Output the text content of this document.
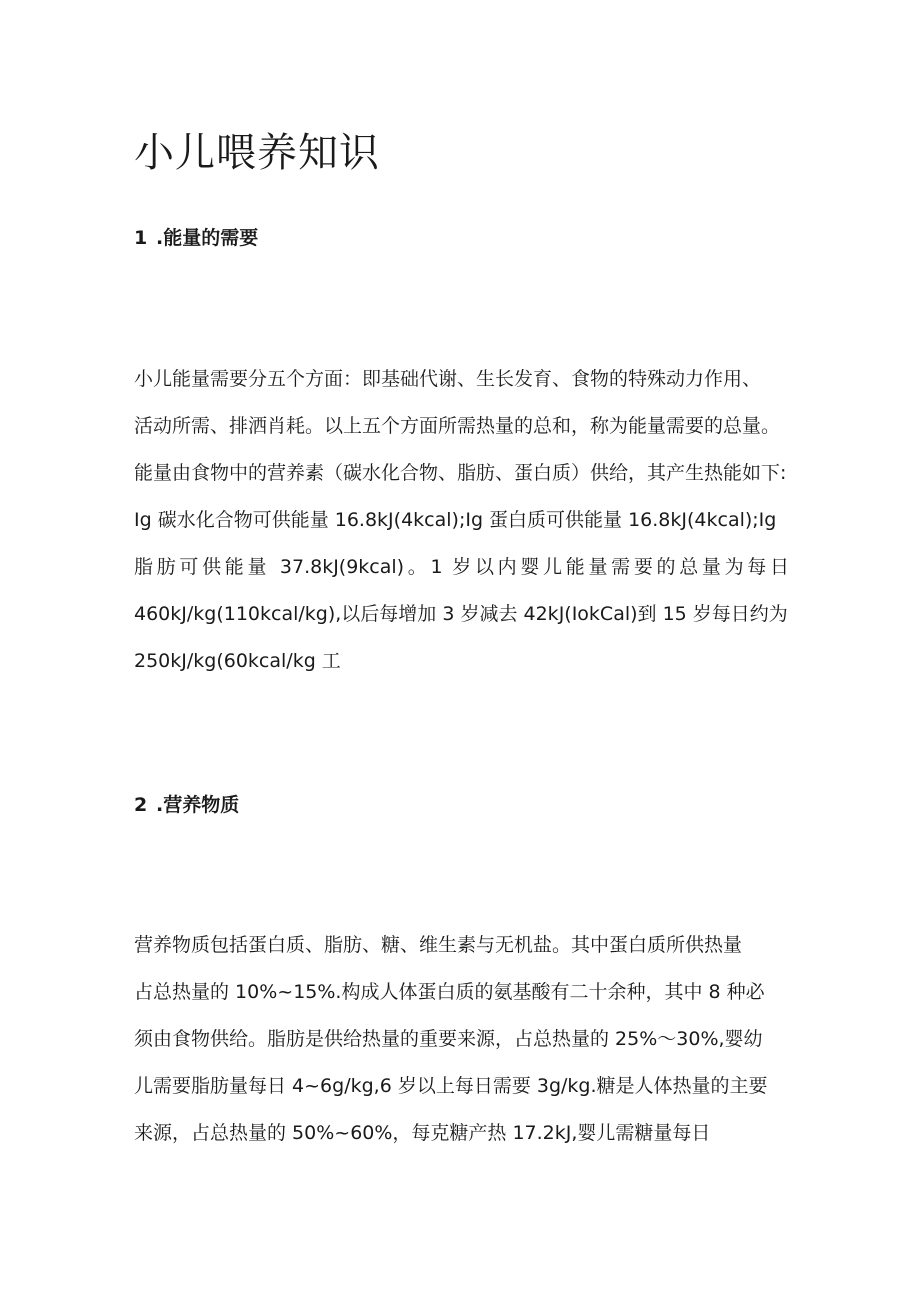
小儿喂养知识
1 .能量的需要
小儿能量需要分五个方面：即基础代谢、生长发育、食物的特殊动力作用、
活动所需、排洒肖耗。以上五个方面所需热量的总和，称为能量需要的总量。
能量由食物中的营养素（碳水化合物、脂肪、蛋白质）供给，其产生热能如下:
Ig 碳水化合物可供能量 16.8kJ(4kcal);Ig 蛋白质可供能量 16.8kJ(4kcal);Ig
脂肪可供能量 37.8kJ(9kcal)。1 岁以内婴儿能量需要的总量为每日
460kJ∕kg(110kcal∕kg),以后每增加 3 岁减去 42kJ(IokCal)到 15 岁每日约为
250kJ∕kg(60kcal∕kg 工
2 .营养物质
营养物质包括蛋白质、脂肪、糖、维生素与无机盐。其中蛋白质所供热量
占总热量的 10%~15%.构成人体蛋白质的氨基酸有二十余种，其中 8 种必
须由食物供给。脂肪是供给热量的重要来源，占总热量的 25%～30%,婴幼
儿需要脂肪量每日 4~6g∕kg,6 岁以上每日需要 3g∕kg.糖是人体热量的主要
来源，占总热量的 50%~60%，每克糖产热 17.2kJ,婴儿需糖量每日
